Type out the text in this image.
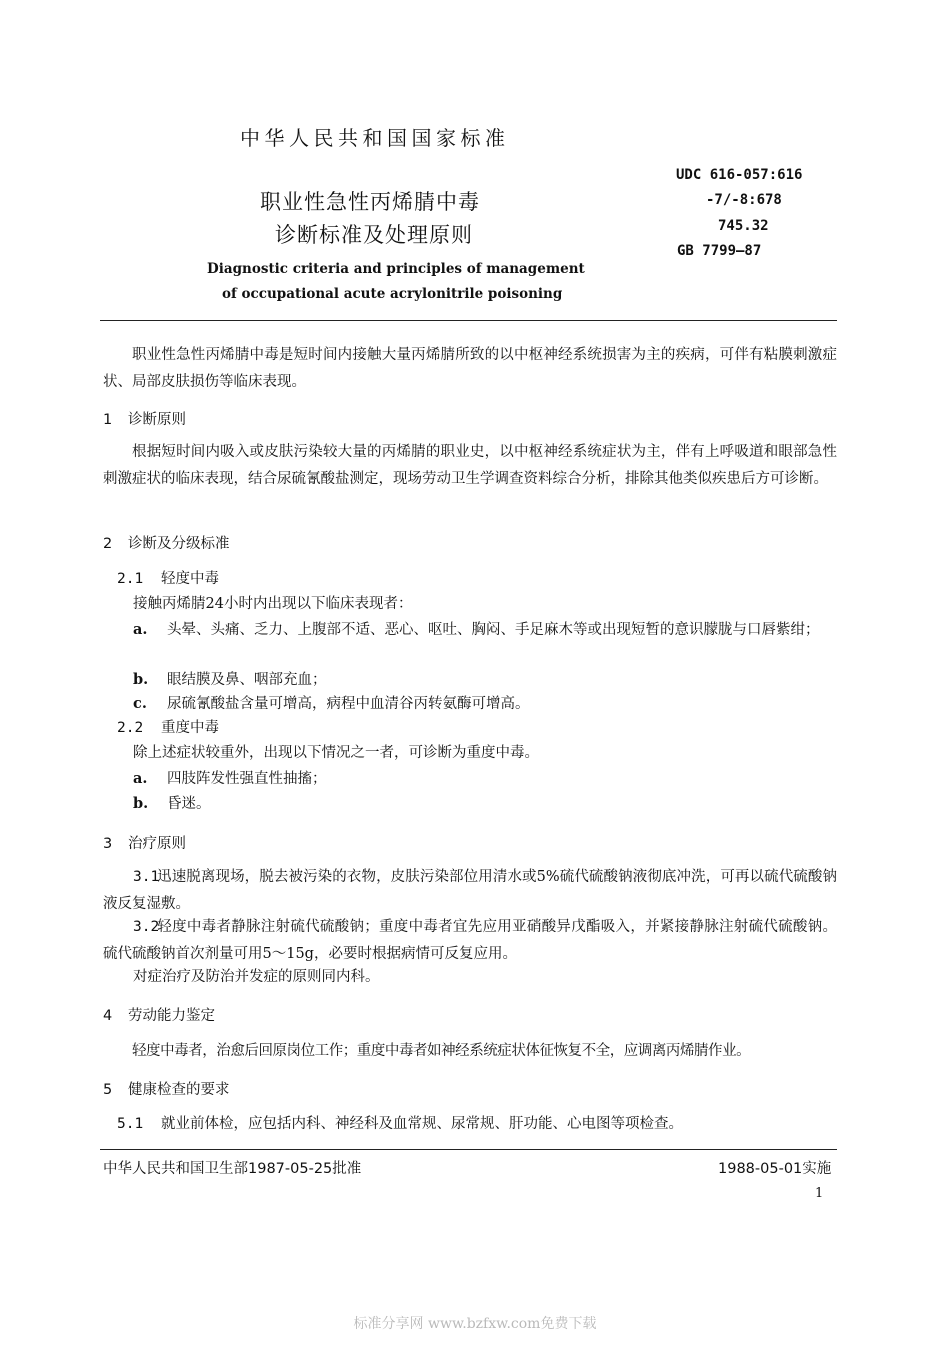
中华人民共和国国家标准
职业性急性丙烯腈中毒
诊断标准及处理原则
Diagnostic criteria and principles of management
of occupational acute acrylonitrile poisoning
UDC 616-057:616
-7/-8:678
745.32
GB 7799—87
职业性急性丙烯腈中毒是短时间内接触大量丙烯腈所致的以中枢神经系统损害为主的疾病，可伴有粘膜刺激症状、局部皮肤损伤等临床表现。
1 诊断原则
根据短时间内吸入或皮肤污染较大量的丙烯腈的职业史，以中枢神经系统症状为主，伴有上呼吸道和眼部急性刺激症状的临床表现，结合尿硫氰酸盐测定，现场劳动卫生学调查资料综合分析，排除其他类似疾患后方可诊断。
2 诊断及分级标准
2.1 轻度中毒
接触丙烯腈24小时内出现以下临床表现者：
a. 头晕、头痛、乏力、上腹部不适、恶心、呕吐、胸闷、手足麻木等或出现短暂的意识朦胧与口唇紫绀；
b. 眼结膜及鼻、咽部充血；
c. 尿硫氰酸盐含量可增高，病程中血清谷丙转氨酶可增高。
2.2 重度中毒
除上述症状较重外，出现以下情况之一者，可诊断为重度中毒。
a. 四肢阵发性强直性抽搐；
b. 昏迷。
3 治疗原则
3.1迅速脱离现场，脱去被污染的衣物，皮肤污染部位用清水或5%硫代硫酸钠液彻底冲洗，可再以硫代硫酸钠液反复湿敷。
3.2轻度中毒者静脉注射硫代硫酸钠；重度中毒者宜先应用亚硝酸异戊酯吸入，并紧接静脉注射硫代硫酸钠。硫代硫酸钠首次剂量可用5～15g，必要时根据病情可反复应用。
对症治疗及防治并发症的原则同内科。
4 劳动能力鉴定
轻度中毒者，治愈后回原岗位工作；重度中毒者如神经系统症状体征恢复不全，应调离丙烯腈作业。
5 健康检查的要求
5.1 就业前体检，应包括内科、神经科及血常规、尿常规、肝功能、心电图等项检查。
中华人民共和国卫生部1987-05-25批准	1988-05-01实施
1
标准分享网 www.bzfxw.com免费下载
